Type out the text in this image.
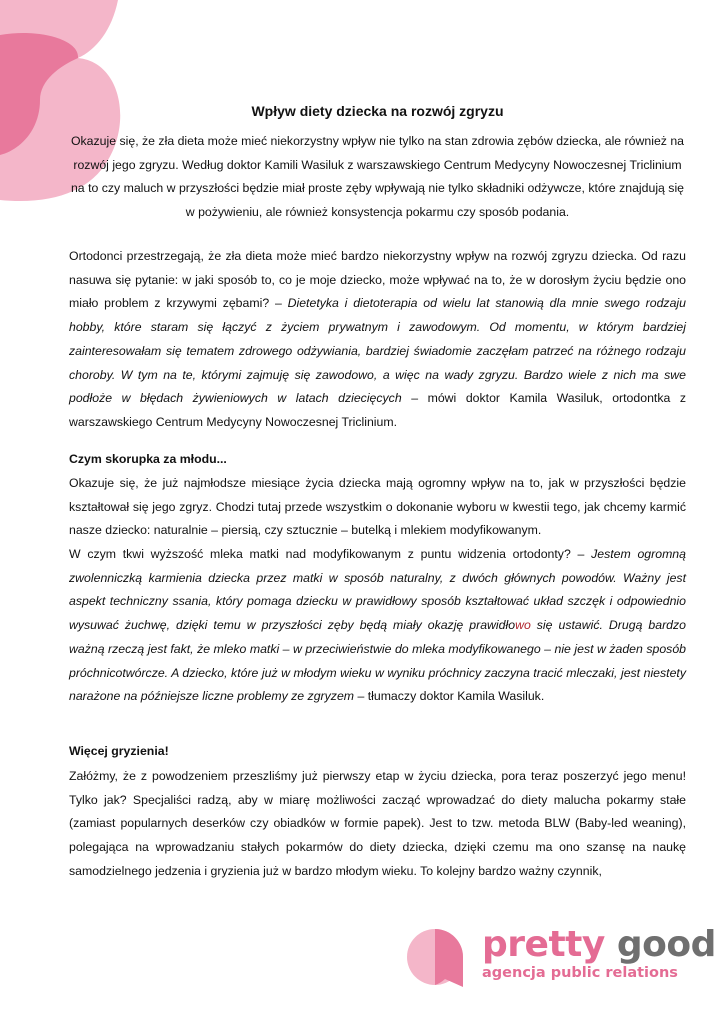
Wpływ diety dziecka na rozwój zgryzu

Okazuje się, że zła dieta może mieć niekorzystny wpływ nie tylko na stan zdrowia zębów dziecka, ale również na rozwój jego zgryzu. Według doktor Kamili Wasiluk z warszawskiego Centrum Medycyny Nowoczesnej Triclinium na to czy maluch w przyszłości będzie miał proste zęby wpływają nie tylko składniki odżywcze, które znajdują się w pożywieniu, ale również konsystencja pokarmu czy sposób podania.

Ortodonci przestrzegają, że zła dieta może mieć bardzo niekorzystny wpływ na rozwój zgryzu dziecka. Od razu nasuwa się pytanie: w jaki sposób to, co je moje dziecko, może wpływać na to, że w dorosłym życiu będzie ono miało problem z krzywymi zębami? – Dietetyka i dietoterapia od wielu lat stanowią dla mnie swego rodzaju hobby, które staram się łączyć z życiem prywatnym i zawodowym. Od momentu, w którym bardziej zainteresowałam się tematem zdrowego odżywiania, bardziej świadomie zaczęłam patrzeć na różnego rodzaju choroby. W tym na te, którymi zajmuję się zawodowo, a więc na wady zgryzu. Bardzo wiele z nich ma swe podłoże w błędach żywieniowych w latach dziecięcych – mówi doktor Kamila Wasiluk, ortodontka z warszawskiego Centrum Medycyny Nowoczesnej Triclinium.

Czym skorupka za młodu...

Okazuje się, że już najmłodsze miesiące życia dziecka mają ogromny wpływ na to, jak w przyszłości będzie kształtował się jego zgryz. Chodzi tutaj przede wszystkim o dokonanie wyboru w kwestii tego, jak chcemy karmić nasze dziecko: naturalnie – piersią, czy sztucznie – butelką i mlekiem modyfikowanym.

W czym tkwi wyższość mleka matki nad modyfikowanym z puntu widzenia ortodonty? – Jestem ogromną zwolenniczką karmienia dziecka przez matki w sposób naturalny, z dwóch głównych powodów. Ważny jest aspekt techniczny ssania, który pomaga dziecku w prawidłowy sposób kształtować układ szczęk i odpowiednio wysuwać żuchwę, dzięki temu w przyszłości zęby będą miały okazję prawidłowo się ustawić. Drugą bardzo ważną rzeczą jest fakt, że mleko matki – w przeciwieństwie do mleka modyfikowanego – nie jest w żaden sposób próchnicotwórcze. A dziecko, które już w młodym wieku w wyniku próchnicy zaczyna tracić mleczaki, jest niestety narażone na późniejsze liczne problemy ze zgryzem – tłumaczy doktor Kamila Wasiluk.

Więcej gryzienia!

Załóżmy, że z powodzeniem przeszliśmy już pierwszy etap w życiu dziecka, pora teraz poszerzyć jego menu! Tylko jak? Specjaliści radzą, aby w miarę możliwości zacząć wprowadzać do diety malucha pokarmy stałe (zamiast popularnych deserków czy obiadków w formie papek). Jest to tzw. metoda BLW (Baby-led weaning), polegająca na wprowadzaniu stałych pokarmów do diety dziecka, dzięki czemu ma ono szansę na naukę samodzielnego jedzenia i gryzienia już w bardzo młodym wieku. To kolejny bardzo ważny czynnik,

pretty good
agencja public relations
